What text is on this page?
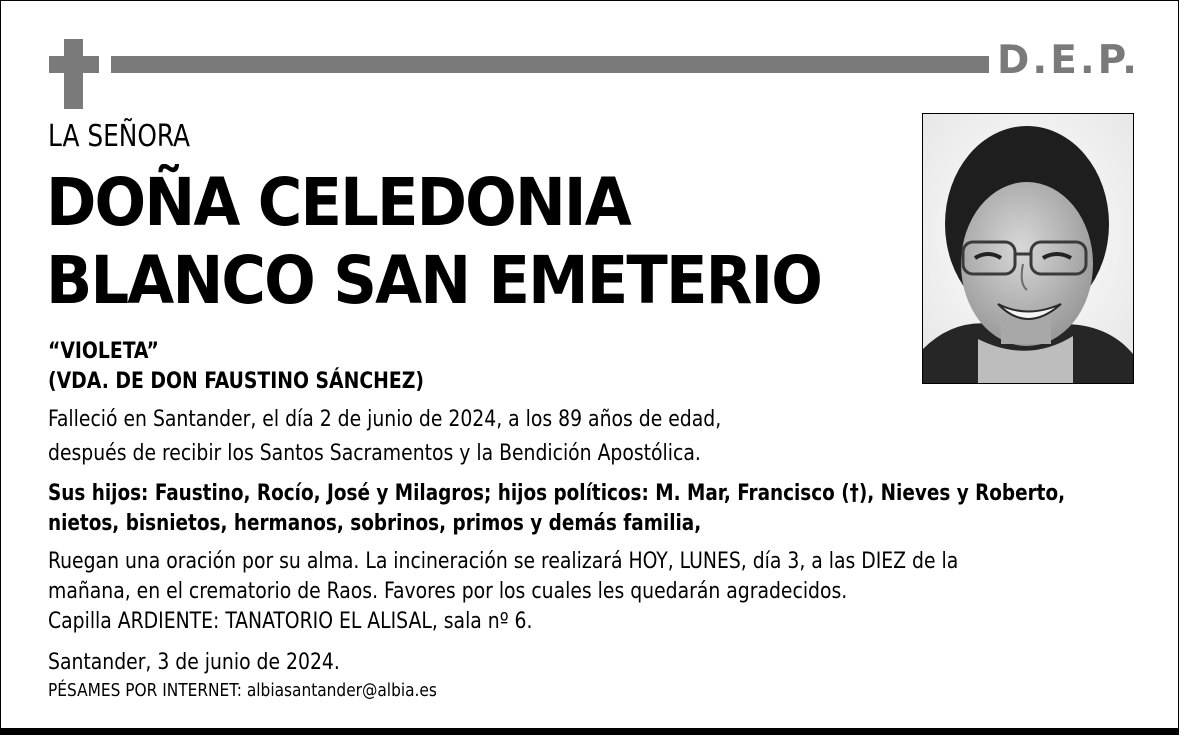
D.E.P.
LA SEÑORA
DOÑA CELEDONIA
BLANCO SAN EMETERIO
“VIOLETA”
(VDA. DE DON FAUSTINO SÁNCHEZ)
Falleció en Santander, el día 2 de junio de 2024, a los 89 años de edad,
después de recibir los Santos Sacramentos y la Bendición Apostólica.
Sus hijos: Faustino, Rocío, José y Milagros; hijos políticos: M. Mar, Francisco (†), Nieves y Roberto,
nietos, bisnietos, hermanos, sobrinos, primos y demás familia,
Ruegan una oración por su alma. La incineración se realizará HOY, LUNES, día 3, a las DIEZ de la
mañana, en el crematorio de Raos. Favores por los cuales les quedarán agradecidos.
Capilla ARDIENTE: TANATORIO EL ALISAL, sala nº 6.
Santander, 3 de junio de 2024.
PÉSAMES POR INTERNET: albiasantander@albia.es
